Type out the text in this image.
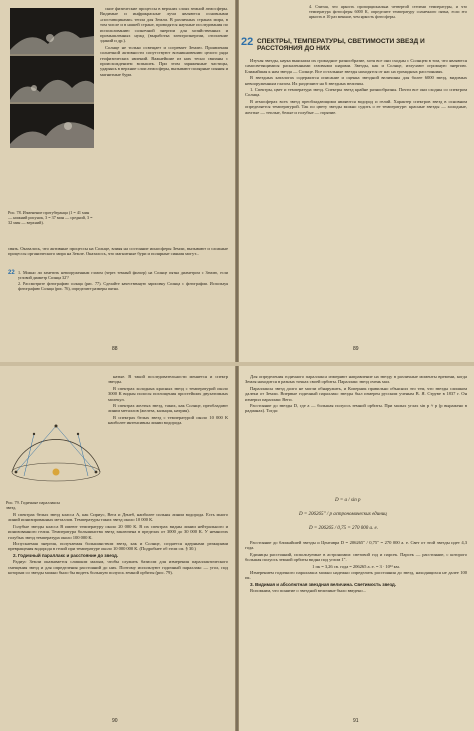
Рис. 78. Изменение протуберанца (1 = 41 мин — нижний рисунок, 3 = 37 мин — средний, 3 = 32 мин — верхний).

ские физические процессы в верхних слоях земной атмосферы. Видимые и инфракрасные лучи являются основными «поставщиками» тепла для Земли. В различных странах мира, в том числе и в нашей стране, проводятся научные исследования по использованию солнечной энергии для хозяйственных и промышленных нужд (выработка электроэнергии, отопление зданий и др.).

Солнце не только освещает и согревает Землю. Проявления солнечной активности сопутствуют возникновению целого ряда геофизических явлений. Важнейшие из них тесно связаны с происхождением вспышек. При этом заряженные частицы, ударяясь в верхние слои атмосферы, вызывают полярные сияния и магнитные бури.

связь. Оказалось, что активные процессы на Солнце, влияя на состояние ионосферы Земли, вызывают и сложные процессы органического мира на Земле. Оказалось, что магнитные бури и полярные сияния могут...

22 1. Можно ли заметить невооруженным глазом (через темный фильтр) на Солнце пятна диаметром с Землю, если угловой диаметр Солнца 32′?

2. Рассмотрите фотографию солнца (рис. 77). Сделайте качественную зарисовку Солнца с фотографии. Используя фотографию Солнца (рис. 76), определите размеры пятна.

88

4. Считая, что яркость пропорциональна четвертой степени температуры, и что температура фотосферы 6000 К, определите температуру солнечного пятна, если его яркость в 10 раз меньше, чем яркость фотосферы.

22 СПЕКТРЫ, ТЕМПЕРАТУРЫ, СВЕТИМОСТИ ЗВЕЗД И РАССТОЯНИЯ ДО НИХ

Изучая звезды, наука выяснила их громадное разнообразие, хотя все они сходны с Солнцем в том, что являются самосветящимися раскаленными газовыми шарами. Звезды, как и Солнце, излучают огромную энергию. Ближайшая к нам звезда — Солнце. Все остальные звезды находятся от нас на громадных расстояниях.

В звездных каталогах содержится описание и оценка звездной величины для более 6000 звезд, видимых невооруженным глазом. Их разделяют на 6 звездных величин.

1. Спектры, цвет и температура звезд. Спектры звезд крайне разнообразны. Почти все они сходны со спектром Солнца.

В атмосферах всех звезд преобладающими являются водород и гелий. Характер спектров звезд в основном определяется температурой. Так по цвету звезды можно судить о ее температуре: красные звезды — холодные, желтые — теплые, белые и голубые — горячие.

89
Рис. 79. Годичные параллаксы звезд.

натые. В такой последовательности меняется и спектр звезды.

В спектрах холодных красных звезд с температурой около 3000 К видны полосы поглощения простейших двухатомных молекул.

В спектрах желтых звезд, таких, как Солнце, преобладают линии металлов (железа, кальция, натрия).

В спектрах белых звезд с температурой около 10 000 К наиболее интенсивны линии водорода.

В спектрах белых звезд класса А, как Сириус, Вега и Денеб, наиболее сильны линии водорода. Есть много линий ионизированных металлов. Температуры таких звезд около 10 000 К.

Голубые звезды класса В имеют температуру около 20 000 К. В их спектрах видны линии нейтрального и ионизованного гелия. Температура большинства звезд заключена в пределах от 3000 до 30 000 К. У немногих голубых звезд температура около 100 000 К.

Испускаемая энергия, получаемая большинством звезд, как и Солнце, создается ядерными реакциями превращения водорода в гелий при температуре около 10 000 000 К. (Подробнее об этом см. § 30.)

2. Годичный параллакс и расстояние до звезд.

Радиус Земли оказывается слишком малым, чтобы служить базисом для измерения параллактического смещения звезд и для определения расстояний до них. Поэтому используют годичный параллакс — угол, под которым со звезды можно было бы видеть большую полуось земной орбиты (рис. 79).

90

Для определения годичного параллакса измеряют направление на звезду в различные моменты времени, когда Земля находится в разных точках своей орбиты. Параллакс звезд очень мал.

Параллаксы звезд долго не могли обнаружить, и Коперник правильно объяснил это тем, что звезды слишком далеки от Земли. Впервые годичный параллакс звезды был измерен русским ученым В. Я. Струве в 1837 г. Он измерил параллакс Веги.

Расстояние до звезды D, где a — большая полуось земной орбиты. При малых углах sin p ≈ p (p выражено в радианах). Тогда:

D = a / sin p
D = 206265″ / p астрономических единиц
D = 206265 / 0,75 = 270 000 а. е.

Расстояние до ближайшей звезды α Центавра D = 206265″ / 0,75″ = 270 000 а. е. Свет от этой звезды идет 4,3 года.

Единицы расстояний, используемые в астрономии: световой год и парсек. Парсек — расстояние, с которого большая полуось земной орбиты видна под углом 1″.

1 пк = 3,26 св. года = 206265 а. е. = 3 · 10¹³ км.

Измерением годичного параллакса можно надежно определить расстояния до звезд, находящихся не далее 100 пк.

3. Видимая и абсолютная звездная величина. Светимость звезд.

Вспомним, что понятие о звездной величине было введено...

91
